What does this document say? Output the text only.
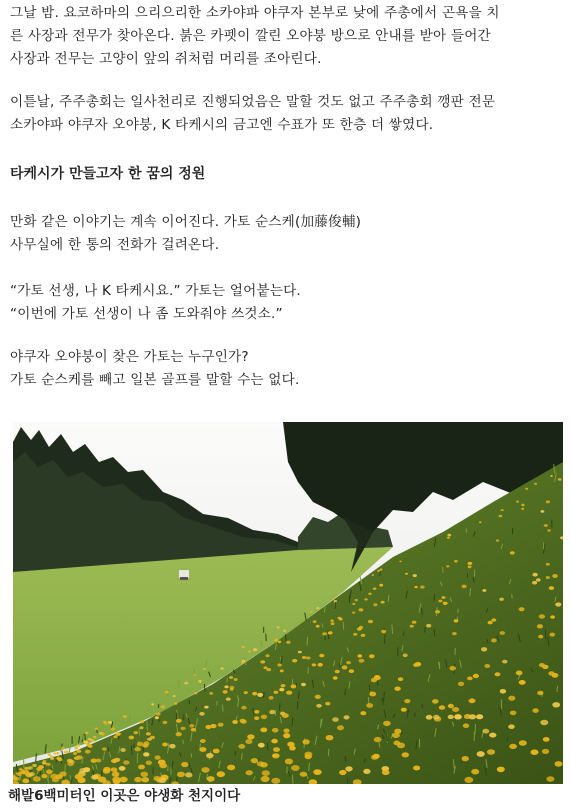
그날 밤. 요코하마의 으리으리한 소카야파 야쿠자 본부로 낮에 주총에서 곤욕을 치
른 사장과 전무가 찾아온다. 붉은 카펫이 깔린 오야붕 방으로 안내를 받아 들어간
사장과 전무는 고양이 앞의 쥐처럼 머리를 조아린다.

이튿날, 주주총회는 일사천리로 진행되었음은 말할 것도 없고 주주총회 깽판 전문
소카야파 야쿠자 오야붕, K 타케시의 금고엔 수표가 또 한층 더 쌓였다.

타케시가 만들고자 한 꿈의 정원

만화 같은 이야기는 계속 이어진다. 가토 순스케(加藤俊輔)
사무실에 한 통의 전화가 걸려온다.

“가토 선생, 나 K 타케시요.” 가토는 얼어붙는다.
“이번에 가토 선생이 나 좀 도와줘야 쓰것소.”

야쿠자 오야붕이 찾은 가토는 누구인가?
가토 순스케를 빼고 일본 골프를 말할 수는 없다.

해발6백미터인 이곳은 야생화 천지이다
